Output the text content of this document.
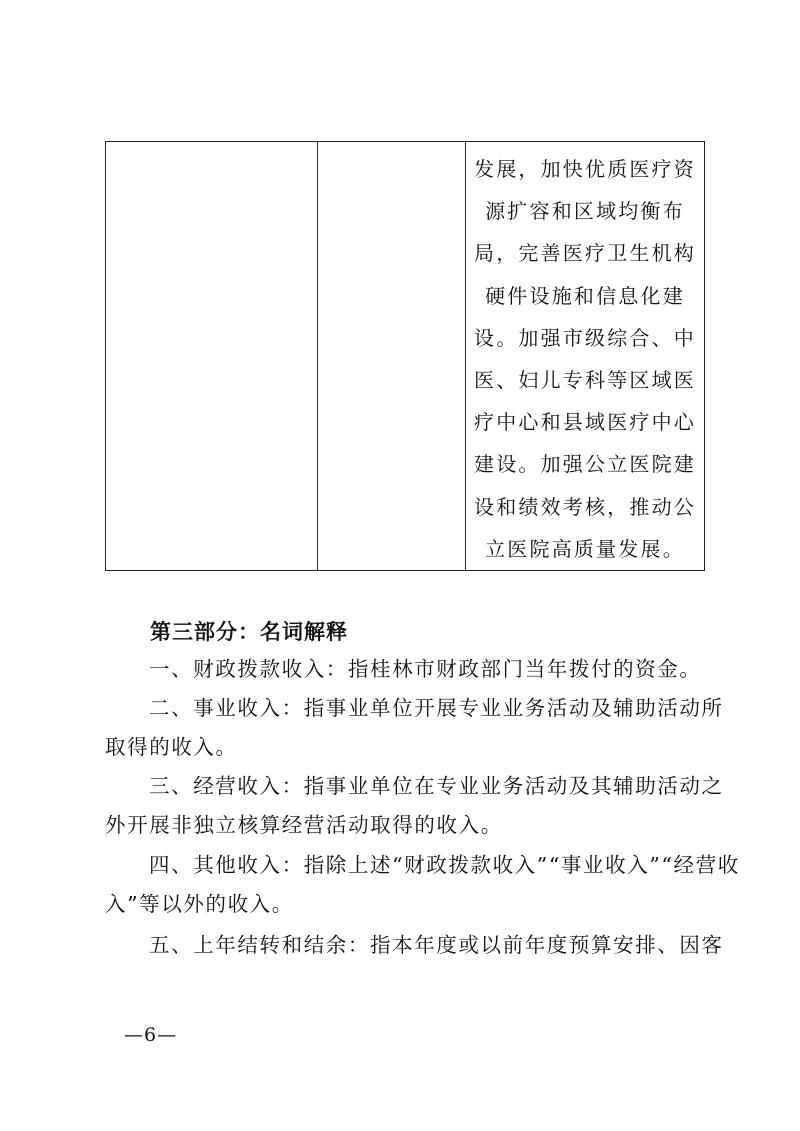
发展，加快优质医疗资
源扩容和区域均衡布
局，完善医疗卫生机构
硬件设施和信息化建
设。加强市级综合、中
医、妇儿专科等区域医
疗中心和县域医疗中心
建设。加强公立医院建
设和绩效考核，推动公
立医院高质量发展。
第三部分：名词解释
一、财政拨款收入：指桂林市财政部门当年拨付的资金。
二、事业收入：指事业单位开展专业业务活动及辅助活动所
取得的收入。
三、经营收入：指事业单位在专业业务活动及其辅助活动之
外开展非独立核算经营活动取得的收入。
四、其他收入：指除上述“财政拨款收入”“事业收入”“经营收
入”等以外的收入。
五、上年结转和结余：指本年度或以前年度预算安排、因客
—6—
